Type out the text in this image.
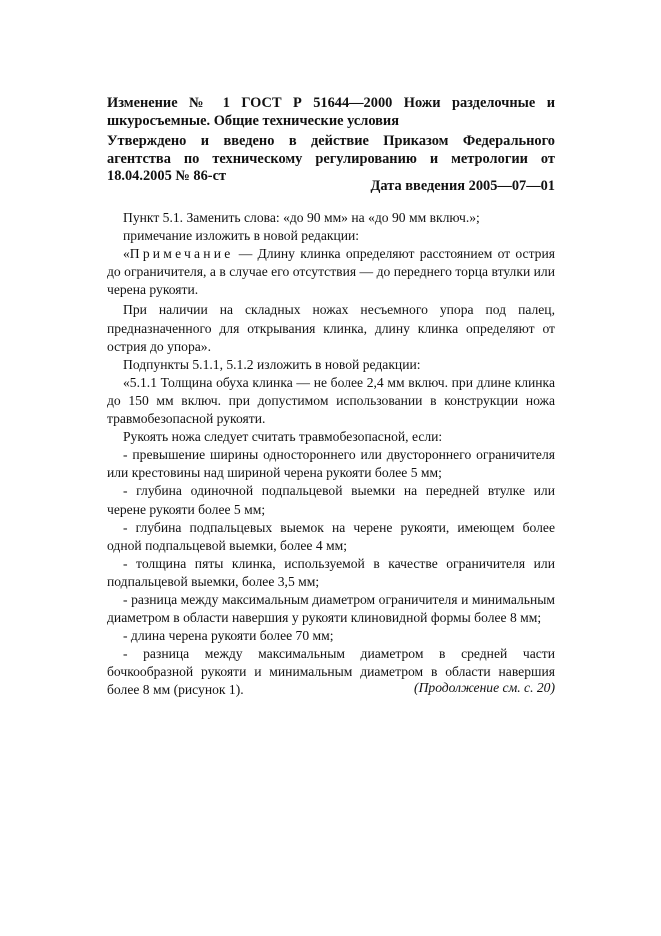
Изменение № 1 ГОСТ Р 51644—2000 Ножи разделочные и шкуросъемные. Общие технические условия
Утверждено и введено в действие Приказом Федерального агентства по техническому регулированию и метрологии от 18.04.2005 № 86-ст
Дата введения 2005—07—01

Пункт 5.1. Заменить слова: «до 90 мм» на «до 90 мм включ.»;

примечание изложить в новой редакции:

«Примечание — Длину клинка определяют расстоянием от острия до ограничителя, а в случае его отсутствия — до переднего торца втулки или черена рукояти.

При наличии на складных ножах несъемного упора под палец, предназначенного для открывания клинка, длину клинка определяют от острия до упора».

Подпункты 5.1.1, 5.1.2 изложить в новой редакции:

«5.1.1 Толщина обуха клинка — не более 2,4 мм включ. при длине клинка до 150 мм включ. при допустимом использовании в конструкции ножа травмобезопасной рукояти.

Рукоять ножа следует считать травмобезопасной, если:

- превышение ширины одностороннего или двустороннего ограничителя или крестовины над шириной черена рукояти более 5 мм;

- глубина одиночной подпальцевой выемки на передней втулке или черене рукояти более 5 мм;

- глубина подпальцевых выемок на черене рукояти, имеющем более одной подпальцевой выемки, более 4 мм;

- толщина пяты клинка, используемой в качестве ограничителя или подпальцевой выемки, более 3,5 мм;

- разница между максимальным диаметром ограничителя и минимальным диаметром в области навершия у рукояти клиновидной формы более 8 мм;

- длина черена рукояти более 70 мм;

- разница между максимальным диаметром в средней части бочкообразной рукояти и минимальным диаметром в области навершия более 8 мм (рисунок 1).	(Продолжение см. с. 20)
